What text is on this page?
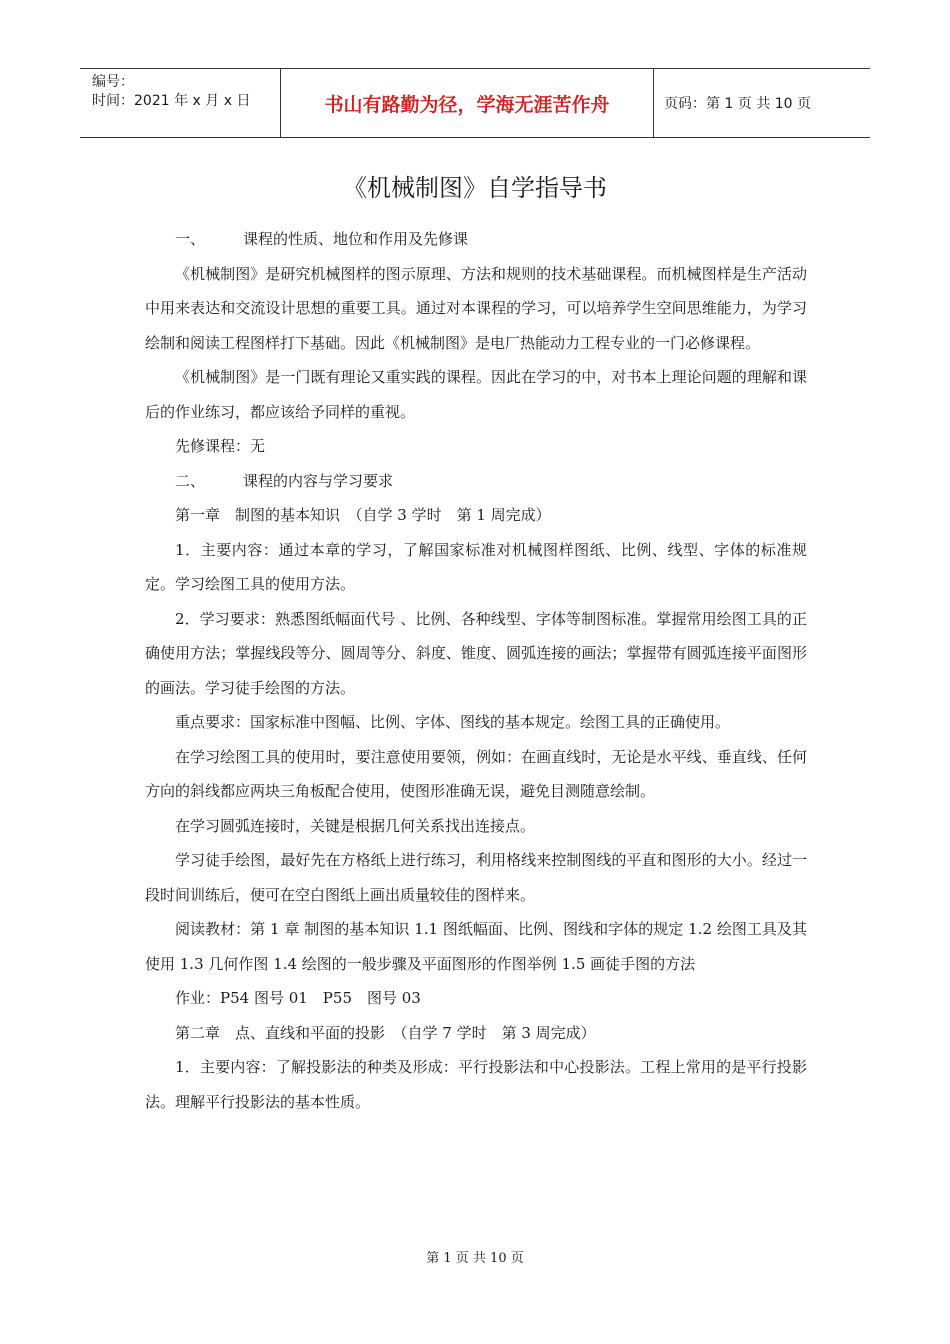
编号：
时间：2021 年 x 月 x 日	书山有路勤为径，学海无涯苦作舟	页码：第 1 页 共 10 页
《机械制图》自学指导书

一、	课程的性质、地位和作用及先修课

《机械制图》是研究机械图样的图示原理、方法和规则的技术基础课程。而机械图样是生产活动中用来表达和交流设计思想的重要工具。通过对本课程的学习，可以培养学生空间思维能力，为学习绘制和阅读工程图样打下基础。因此《机械制图》是电厂热能动力工程专业的一门必修课程。

《机械制图》是一门既有理论又重实践的课程。因此在学习的中，对书本上理论问题的理解和课后的作业练习，都应该给予同样的重视。

先修课程：无

二、	课程的内容与学习要求

第一章　制图的基本知识　（自学 3 学时　第 1 周完成）

1．主要内容：通过本章的学习，了解国家标准对机械图样图纸、比例、线型、字体的标准规定。学习绘图工具的使用方法。

2．学习要求：熟悉图纸幅面代号 、比例、各种线型、字体等制图标准。掌握常用绘图工具的正确使用方法；掌握线段等分、圆周等分、斜度、锥度、圆弧连接的画法；掌握带有圆弧连接平面图形的画法。学习徒手绘图的方法。

重点要求：国家标准中图幅、比例、字体、图线的基本规定。绘图工具的正确使用。

在学习绘图工具的使用时，要注意使用要领，例如：在画直线时，无论是水平线、垂直线、任何方向的斜线都应两块三角板配合使用，使图形准确无误，避免目测随意绘制。

在学习圆弧连接时，关键是根据几何关系找出连接点。

学习徒手绘图，最好先在方格纸上进行练习，利用格线来控制图线的平直和图形的大小。经过一段时间训练后，便可在空白图纸上画出质量较佳的图样来。

阅读教材：第 1 章 制图的基本知识 1.1 图纸幅面、比例、图线和字体的规定 1.2 绘图工具及其使用 1.3 几何作图 1.4 绘图的一般步骤及平面图形的作图举例 1.5 画徒手图的方法

作业：P54 图号 01　P55　图号 03

第二章　点、直线和平面的投影　（自学 7 学时　第 3 周完成）

1．主要内容：了解投影法的种类及形成：平行投影法和中心投影法。工程上常用的是平行投影法。理解平行投影法的基本性质。

第 1 页 共 10 页
